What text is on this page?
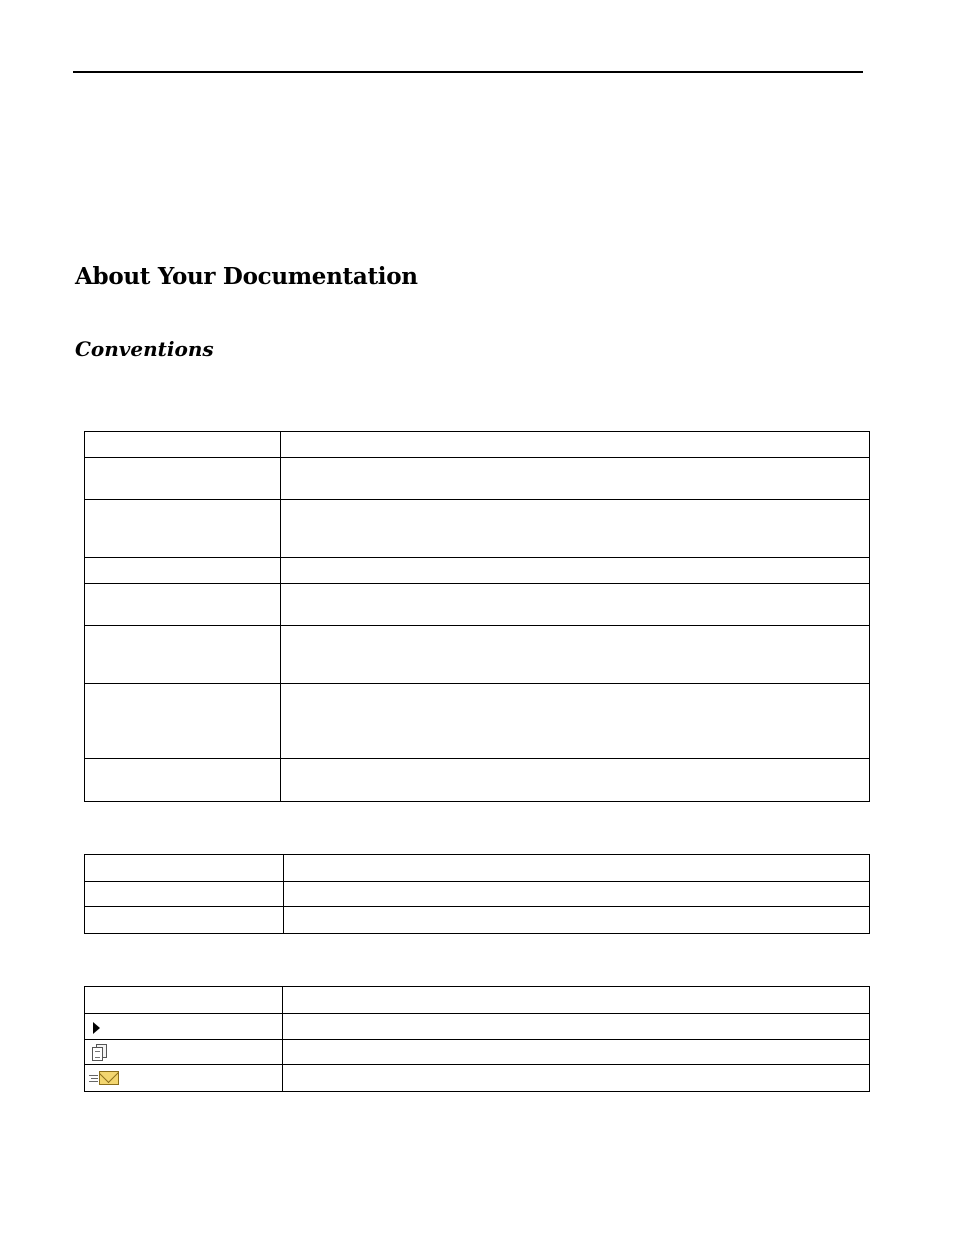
About Your Documentation
Conventions
